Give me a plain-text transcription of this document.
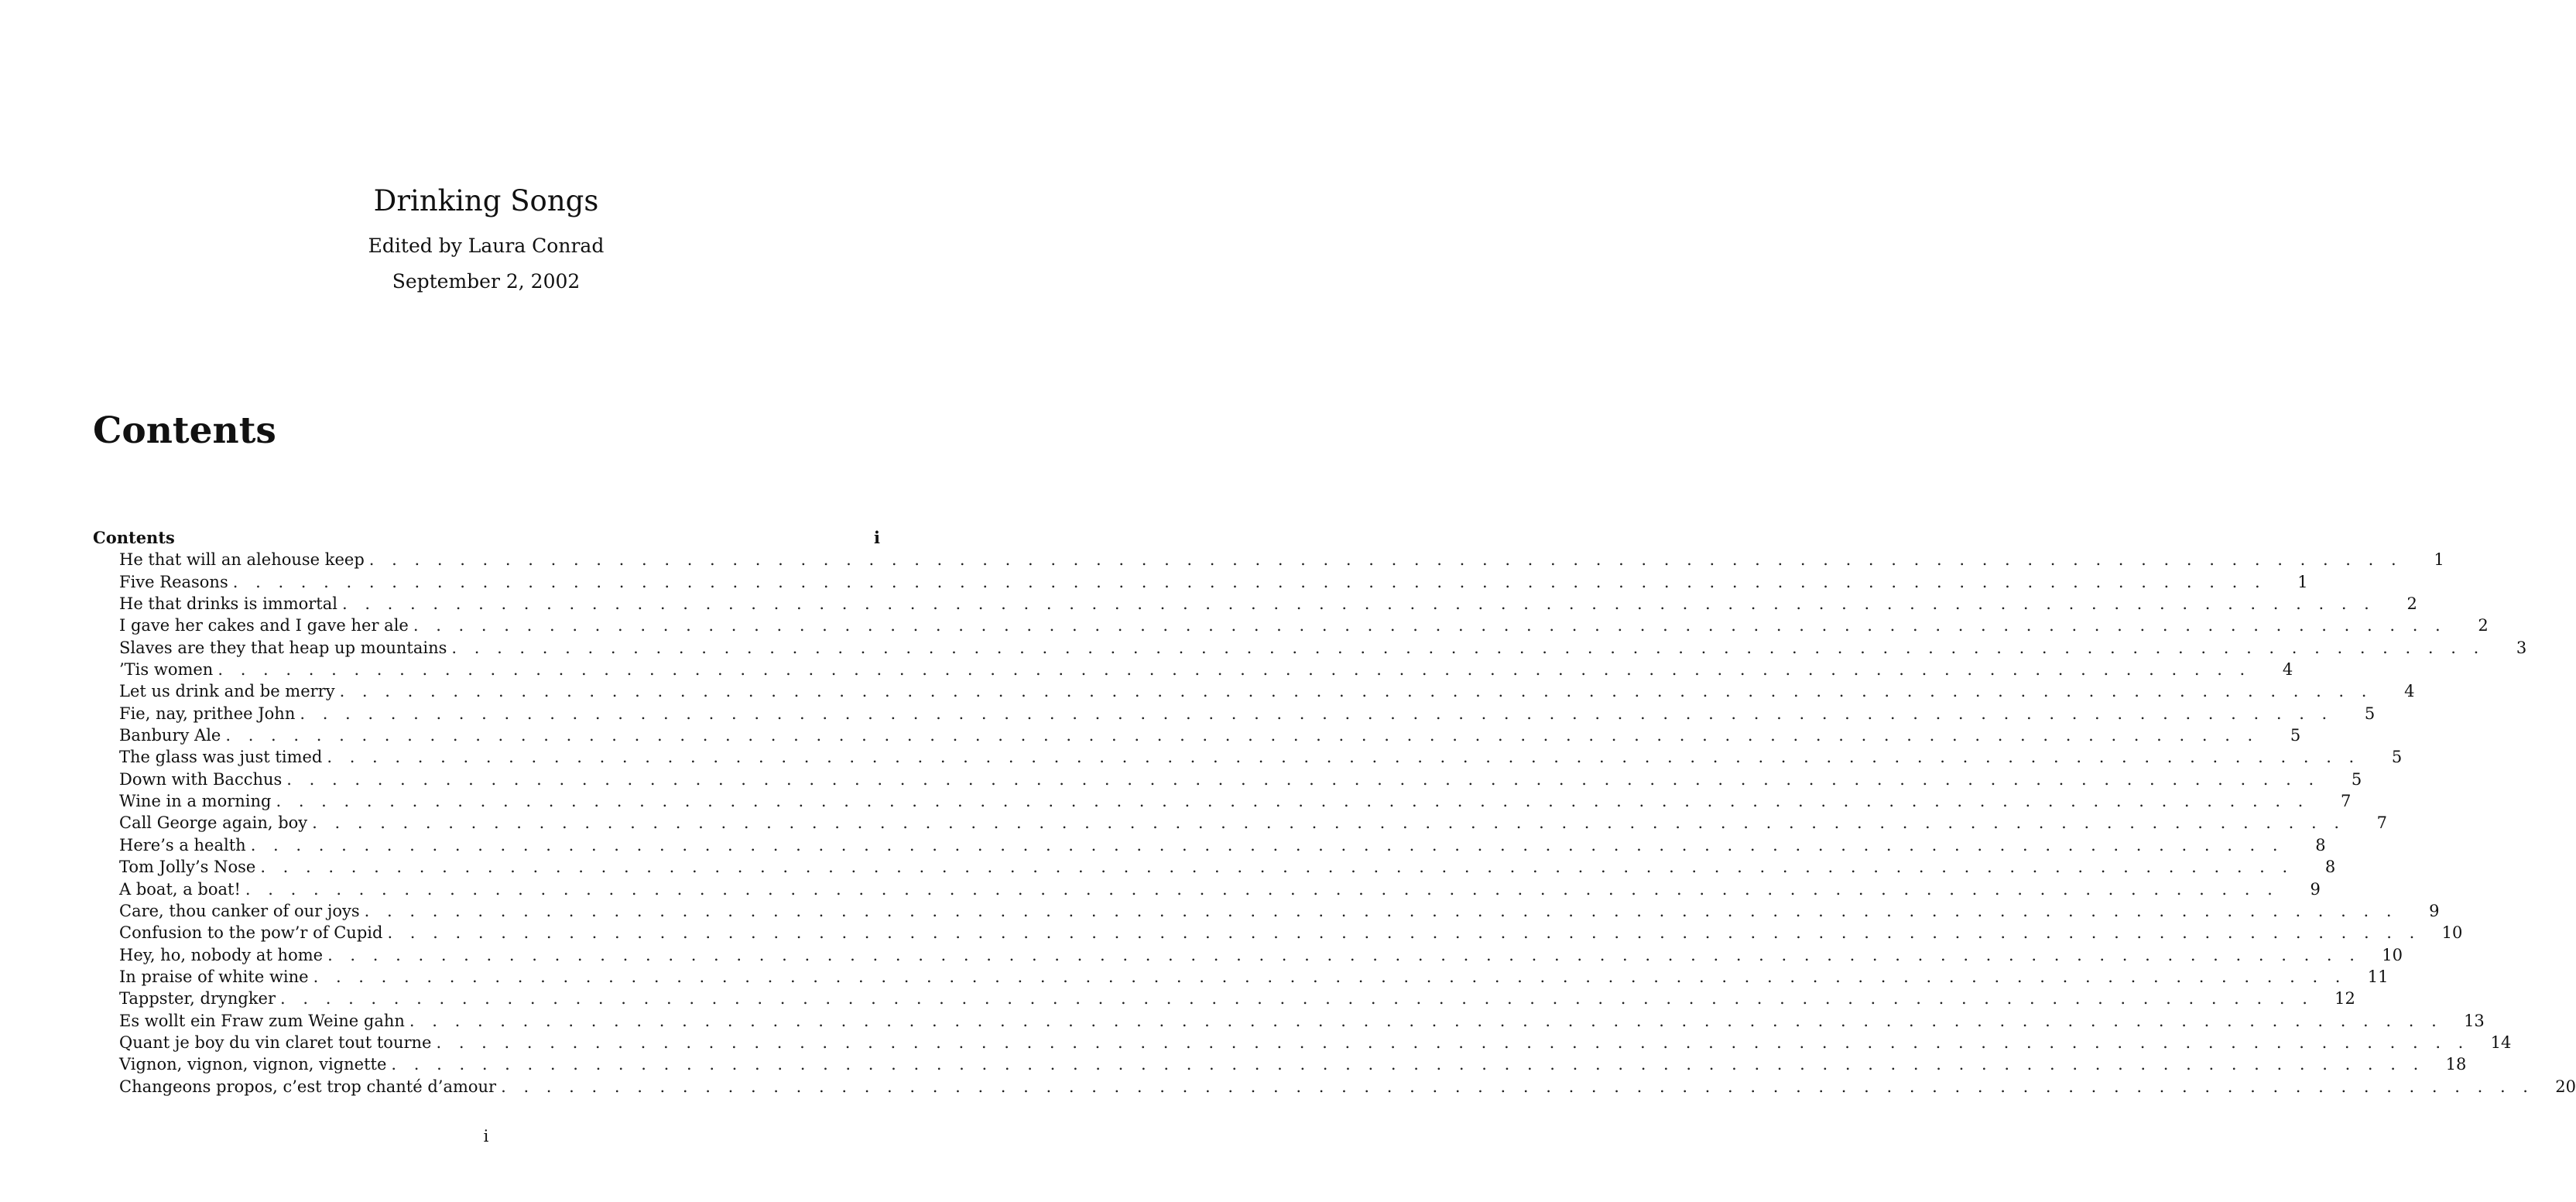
Drinking Songs
Edited by Laura Conrad
September 2, 2002
Contents
Contents	i
He that will an alehouse keep . . . . . . . . . . . . . . . . . . . . . . . . . . . . . . . . . . . . . . . . . . . . . . . . . . . . . . . . . . . . . . . . . . . . . . . . . . . . . . . . . . . . . . . . . .	1
Five Reasons . . . . . . . . . . . . . . . . . . . . . . . . . . . . . . . . . . . . . . . . . . . . . . . . . . . . . . . . . . . . . . . . . . . . . . . . . . . . . . . . . . . . . . . . . .	1
He that drinks is immortal . . . . . . . . . . . . . . . . . . . . . . . . . . . . . . . . . . . . . . . . . . . . . . . . . . . . . . . . . . . . . . . . . . . . . . . . . . . . . . . . . . . . . . . . . .	2
I gave her cakes and I gave her ale . . . . . . . . . . . . . . . . . . . . . . . . . . . . . . . . . . . . . . . . . . . . . . . . . . . . . . . . . . . . . . . . . . . . . . . . . . . . . . . . . . . . . . . . . .	2
Slaves are they that heap up mountains . . . . . . . . . . . . . . . . . . . . . . . . . . . . . . . . . . . . . . . . . . . . . . . . . . . . . . . . . . . . . . . . . . . . . . . . . . . . . . . . . . . . . . . . . .	3
’Tis women . . . . . . . . . . . . . . . . . . . . . . . . . . . . . . . . . . . . . . . . . . . . . . . . . . . . . . . . . . . . . . . . . . . . . . . . . . . . . . . . . . . . . . . . . .	4
Let us drink and be merry . . . . . . . . . . . . . . . . . . . . . . . . . . . . . . . . . . . . . . . . . . . . . . . . . . . . . . . . . . . . . . . . . . . . . . . . . . . . . . . . . . . . . . . . . .	4
Fie, nay, prithee John . . . . . . . . . . . . . . . . . . . . . . . . . . . . . . . . . . . . . . . . . . . . . . . . . . . . . . . . . . . . . . . . . . . . . . . . . . . . . . . . . . . . . . . . . .	5
Banbury Ale . . . . . . . . . . . . . . . . . . . . . . . . . . . . . . . . . . . . . . . . . . . . . . . . . . . . . . . . . . . . . . . . . . . . . . . . . . . . . . . . . . . . . . . . . .	5
The glass was just timed . . . . . . . . . . . . . . . . . . . . . . . . . . . . . . . . . . . . . . . . . . . . . . . . . . . . . . . . . . . . . . . . . . . . . . . . . . . . . . . . . . . . . . . . . .	5
Down with Bacchus . . . . . . . . . . . . . . . . . . . . . . . . . . . . . . . . . . . . . . . . . . . . . . . . . . . . . . . . . . . . . . . . . . . . . . . . . . . . . . . . . . . . . . . . . .	5
Wine in a morning . . . . . . . . . . . . . . . . . . . . . . . . . . . . . . . . . . . . . . . . . . . . . . . . . . . . . . . . . . . . . . . . . . . . . . . . . . . . . . . . . . . . . . . . . .	7
Call George again, boy . . . . . . . . . . . . . . . . . . . . . . . . . . . . . . . . . . . . . . . . . . . . . . . . . . . . . . . . . . . . . . . . . . . . . . . . . . . . . . . . . . . . . . . . . .	7
Here’s a health . . . . . . . . . . . . . . . . . . . . . . . . . . . . . . . . . . . . . . . . . . . . . . . . . . . . . . . . . . . . . . . . . . . . . . . . . . . . . . . . . . . . . . . . . .	8
Tom Jolly’s Nose . . . . . . . . . . . . . . . . . . . . . . . . . . . . . . . . . . . . . . . . . . . . . . . . . . . . . . . . . . . . . . . . . . . . . . . . . . . . . . . . . . . . . . . . . .	8
A boat, a boat! . . . . . . . . . . . . . . . . . . . . . . . . . . . . . . . . . . . . . . . . . . . . . . . . . . . . . . . . . . . . . . . . . . . . . . . . . . . . . . . . . . . . . . . . . .	9
Care, thou canker of our joys . . . . . . . . . . . . . . . . . . . . . . . . . . . . . . . . . . . . . . . . . . . . . . . . . . . . . . . . . . . . . . . . . . . . . . . . . . . . . . . . . . . . . . . . . .	9
Confusion to the pow’r of Cupid . . . . . . . . . . . . . . . . . . . . . . . . . . . . . . . . . . . . . . . . . . . . . . . . . . . . . . . . . . . . . . . . . . . . . . . . . . . . . . . . . . . . . . . . . .	10
Hey, ho, nobody at home . . . . . . . . . . . . . . . . . . . . . . . . . . . . . . . . . . . . . . . . . . . . . . . . . . . . . . . . . . . . . . . . . . . . . . . . . . . . . . . . . . . . . . . . . .	10
In praise of white wine . . . . . . . . . . . . . . . . . . . . . . . . . . . . . . . . . . . . . . . . . . . . . . . . . . . . . . . . . . . . . . . . . . . . . . . . . . . . . . . . . . . . . . . . . .	11
Tappster, dryngker . . . . . . . . . . . . . . . . . . . . . . . . . . . . . . . . . . . . . . . . . . . . . . . . . . . . . . . . . . . . . . . . . . . . . . . . . . . . . . . . . . . . . . . . . .	12
Es wollt ein Fraw zum Weine gahn . . . . . . . . . . . . . . . . . . . . . . . . . . . . . . . . . . . . . . . . . . . . . . . . . . . . . . . . . . . . . . . . . . . . . . . . . . . . . . . . . . . . . . . . . .	13
Quant je boy du vin claret tout tourne . . . . . . . . . . . . . . . . . . . . . . . . . . . . . . . . . . . . . . . . . . . . . . . . . . . . . . . . . . . . . . . . . . . . . . . . . . . . . . . . . . . . . . . . . .	14
Vignon, vignon, vignon, vignette . . . . . . . . . . . . . . . . . . . . . . . . . . . . . . . . . . . . . . . . . . . . . . . . . . . . . . . . . . . . . . . . . . . . . . . . . . . . . . . . . . . . . . . . . .	18
Changeons propos, c’est trop chanté d’amour . . . . . . . . . . . . . . . . . . . . . . . . . . . . . . . . . . . . . . . . . . . . . . . . . . . . . . . . . . . . . . . . . . . . . . . . . . . . . . . . . . . . . . . . . .	20
i
